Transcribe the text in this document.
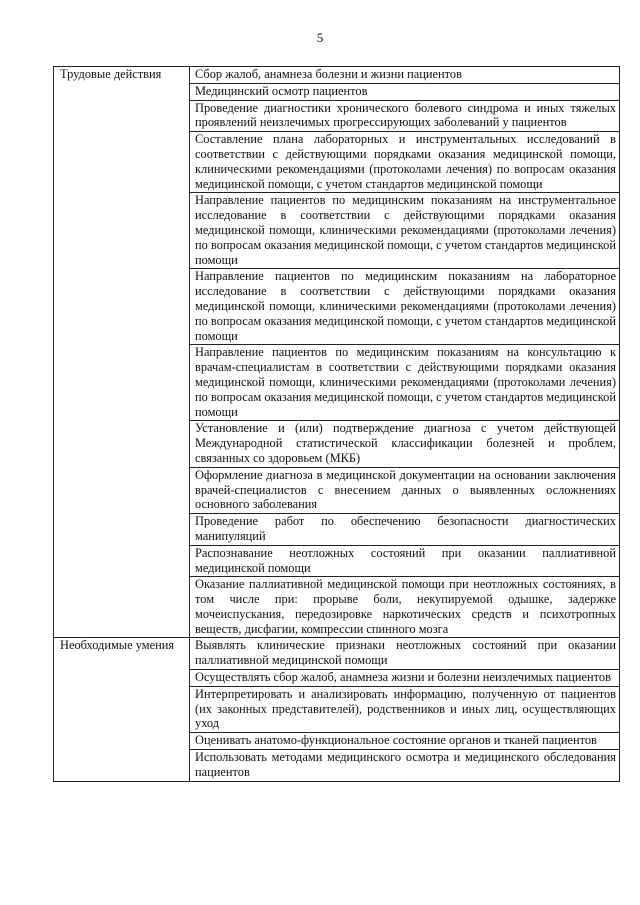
5
Трудовые действия	Сбор жалоб, анамнеза болезни и жизни пациентов
	Медицинский осмотр пациентов
	Проведение диагностики хронического болевого синдрома и иных тяжелых проявлений неизлечимых прогрессирующих заболеваний у пациентов
	Составление плана лабораторных и инструментальных исследований в соответствии с действующими порядками оказания медицинской помощи, клиническими рекомендациями (протоколами лечения) по вопросам оказания медицинской помощи, с учетом стандартов медицинской помощи
	Направление пациентов по медицинским показаниям на инструментальное исследование в соответствии с действующими порядками оказания медицинской помощи, клиническими рекомендациями (протоколами лечения) по вопросам оказания медицинской помощи, с учетом стандартов медицинской помощи
	Направление пациентов по медицинским показаниям на лабораторное исследование в соответствии с действующими порядками оказания медицинской помощи, клиническими рекомендациями (протоколами лечения) по вопросам оказания медицинской помощи, с учетом стандартов медицинской помощи
	Направление пациентов по медицинским показаниям на консультацию к врачам-специалистам в соответствии с действующими порядками оказания медицинской помощи, клиническими рекомендациями (протоколами лечения) по вопросам оказания медицинской помощи, с учетом стандартов медицинской помощи
	Установление и (или) подтверждение диагноза с учетом действующей Международной статистической классификации болезней и проблем, связанных со здоровьем (МКБ)
	Оформление диагноза в медицинской документации на основании заключения врачей-специалистов с внесением данных о выявленных осложнениях основного заболевания
	Проведение работ по обеспечению безопасности диагностических манипуляций
	Распознавание неотложных состояний при оказании паллиативной медицинской помощи
	Оказание паллиативной медицинской помощи при неотложных состояниях, в том числе при: прорыве боли, некупируемой одышке, задержке мочеиспускания, передозировке наркотических средств и психотропных веществ, дисфагии, компрессии спинного мозга
Необходимые умения	Выявлять клинические признаки неотложных состояний при оказании паллиативной медицинской помощи
	Осуществлять сбор жалоб, анамнеза жизни и болезни неизлечимых пациентов
	Интерпретировать и анализировать информацию, полученную от пациентов (их законных представителей), родственников и иных лиц, осуществляющих уход
	Оценивать анатомо-функциональное состояние органов и тканей пациентов
	Использовать методами медицинского осмотра и медицинского обследования пациентов
